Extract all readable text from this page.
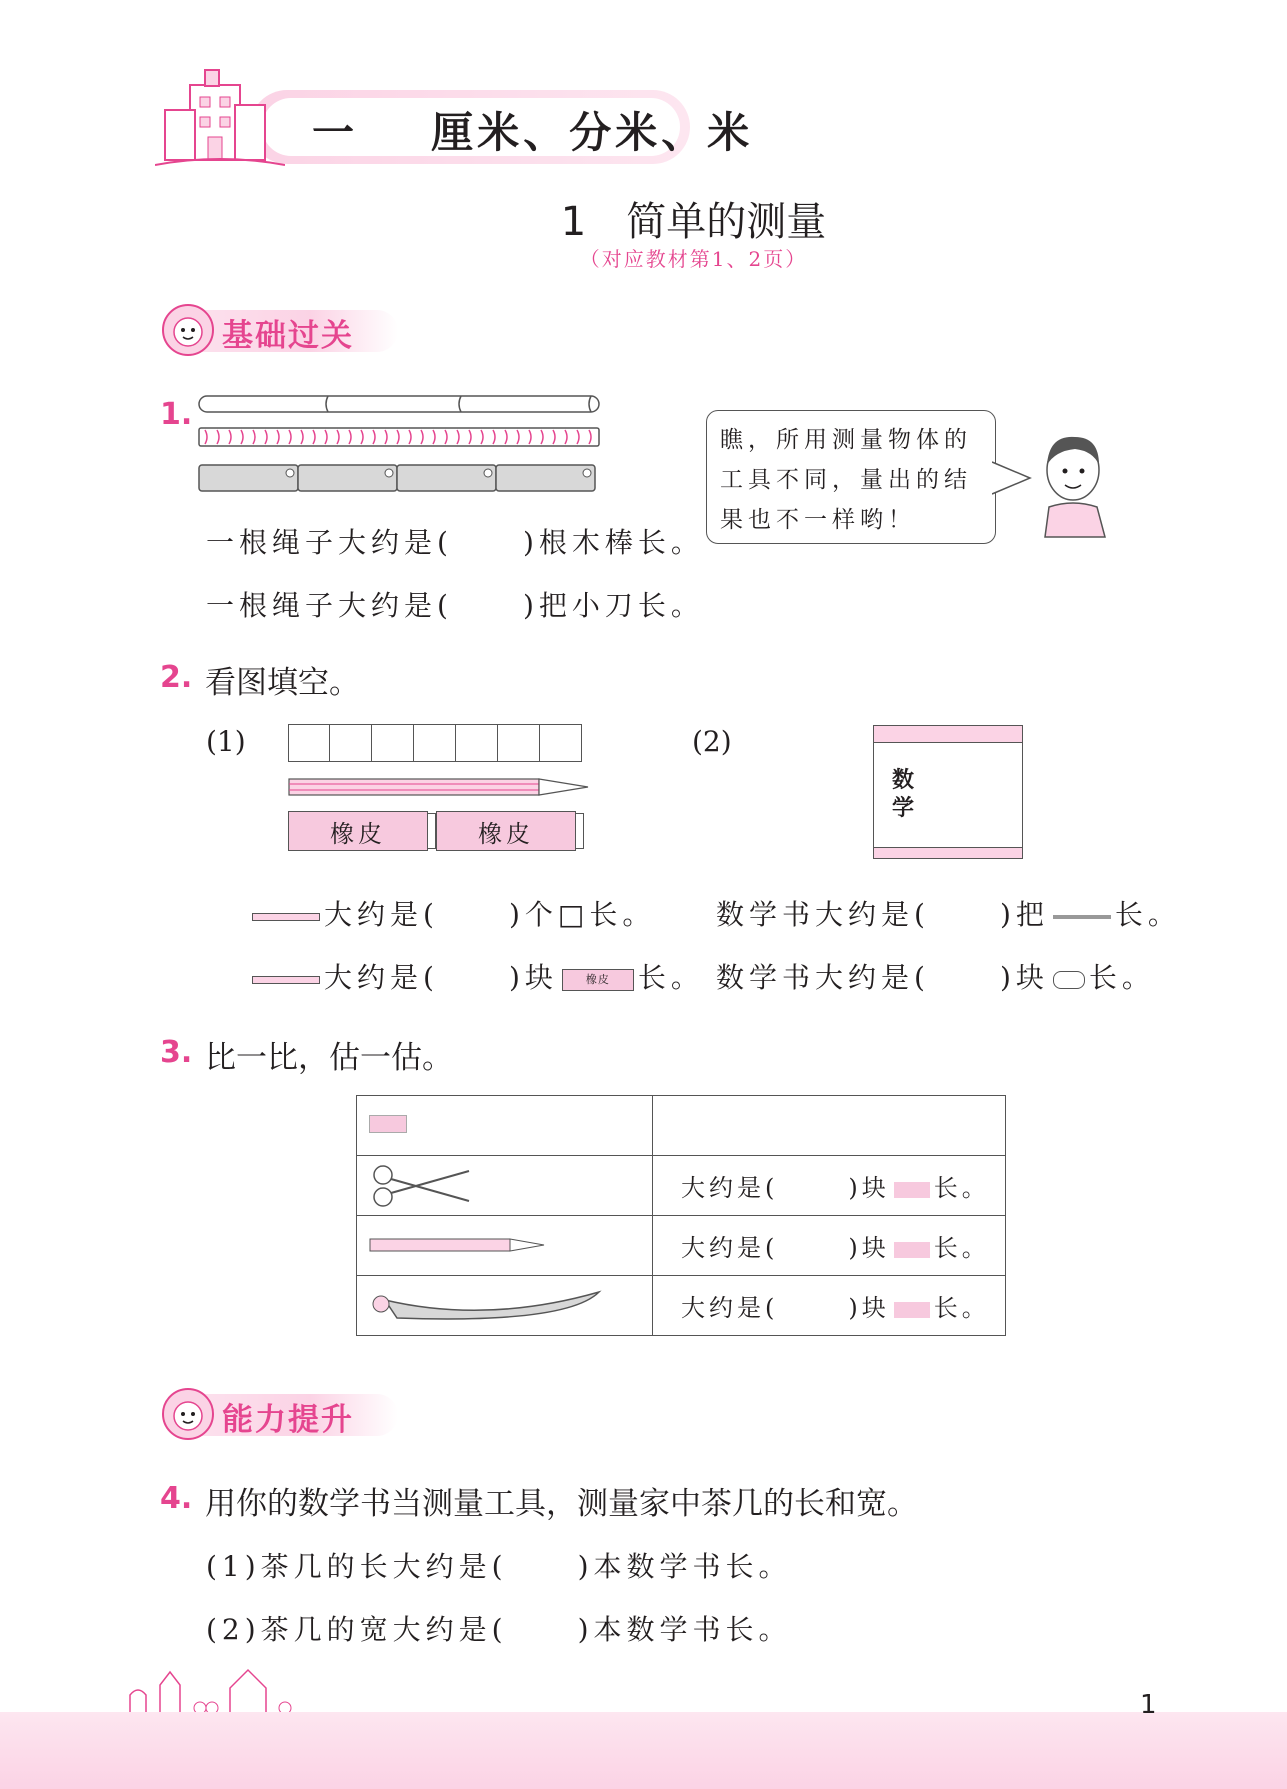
一 厘米、分米、米
1　简单的测量
（对应教材第1、2页）
基础过关
1.
一根绳子大约是(	)根木棒长。
一根绳子大约是(	)把小刀长。
瞧，所用测量物体的
工具不同，量出的结
果也不一样哟！
2. 看图填空。
(1)	(2)
橡皮	橡皮
数学
大约是(	)个□长。
大约是(	)块	橡皮 长。
数学书大约是(	)把 长。
数学书大约是(	)块 长。
3. 比一比，估一估。

	大约是( )块 长。
	大约是( )块 长。
	大约是( )块 长。
能力提升
4. 用你的数学书当测量工具，测量家中茶几的长和宽。
(1)茶几的长大约是(	)本数学书长。
(2)茶几的宽大约是(	)本数学书长。
1
